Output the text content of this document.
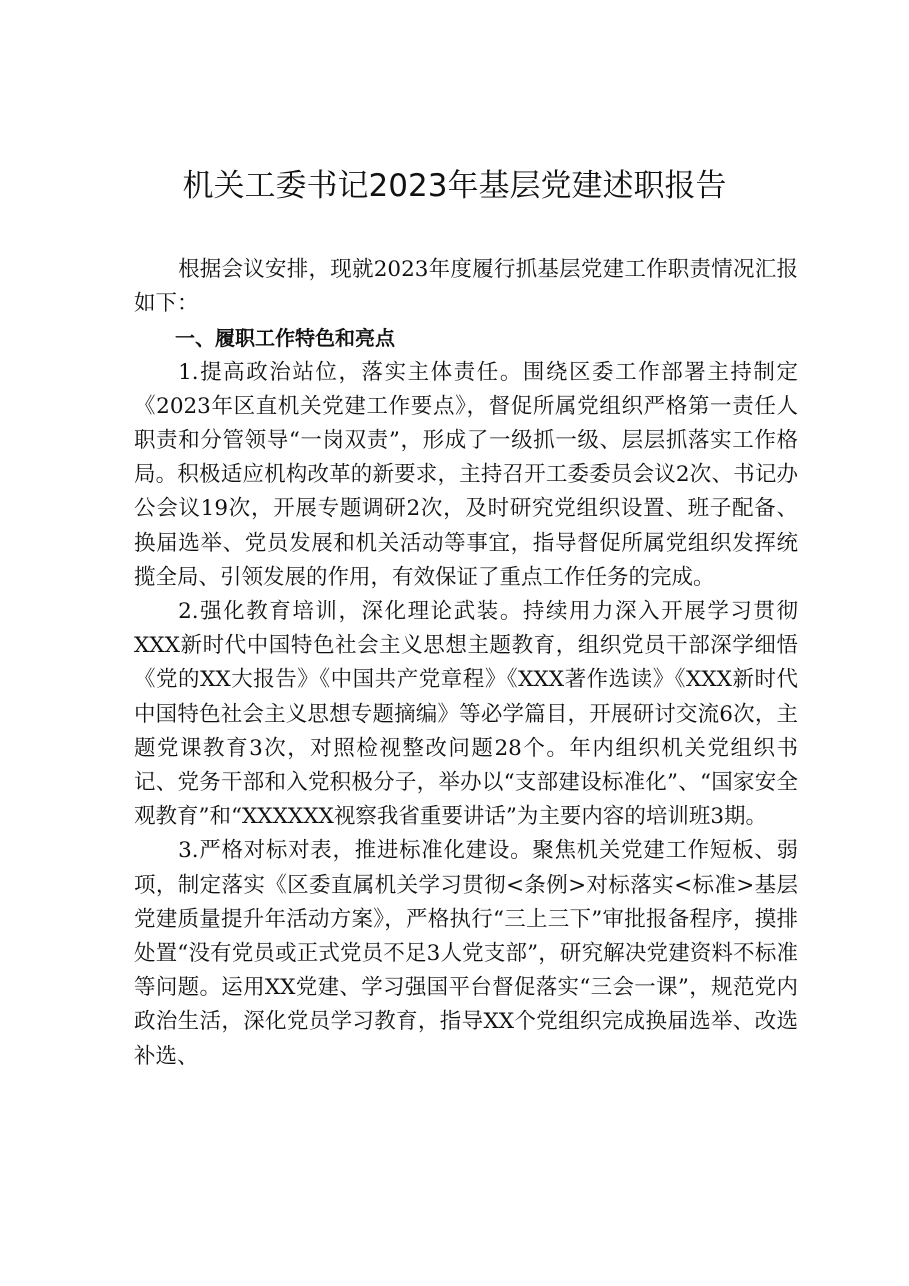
机关工委书记2023年基层党建述职报告

根据会议安排，现就2023年度履行抓基层党建工作职责情况汇报如下：

一、履职工作特色和亮点

1.提高政治站位，落实主体责任。围绕区委工作部署主持制定《2023年区直机关党建工作要点》，督促所属党组织严格第一责任人职责和分管领导“一岗双责”，形成了一级抓一级、层层抓落实工作格局。积极适应机构改革的新要求，主持召开工委委员会议2次、书记办公会议19次，开展专题调研2次，及时研究党组织设置、班子配备、换届选举、党员发展和机关活动等事宜，指导督促所属党组织发挥统揽全局、引领发展的作用，有效保证了重点工作任务的完成。

2.强化教育培训，深化理论武装。持续用力深入开展学习贯彻XXX新时代中国特色社会主义思想主题教育，组织党员干部深学细悟《党的XX大报告》《中国共产党章程》《XXX著作选读》《XXX新时代中国特色社会主义思想专题摘编》等必学篇目，开展研讨交流6次，主题党课教育3次，对照检视整改问题28个。年内组织机关党组织书记、党务干部和入党积极分子，举办以“支部建设标准化”、“国家安全观教育”和“XXXXXX视察我省重要讲话”为主要内容的培训班3期。

3.严格对标对表，推进标准化建设。聚焦机关党建工作短板、弱项，制定落实《区委直属机关学习贯彻<条例>对标落实<标准>基层党建质量提升年活动方案》，严格执行“三上三下”审批报备程序，摸排处置“没有党员或正式党员不足3人党支部”，研究解决党建资料不标准等问题。运用XX党建、学习强国平台督促落实“三会一课”，规范党内政治生活，深化党员学习教育，指导XX个党组织完成换届选举、改选补选、
